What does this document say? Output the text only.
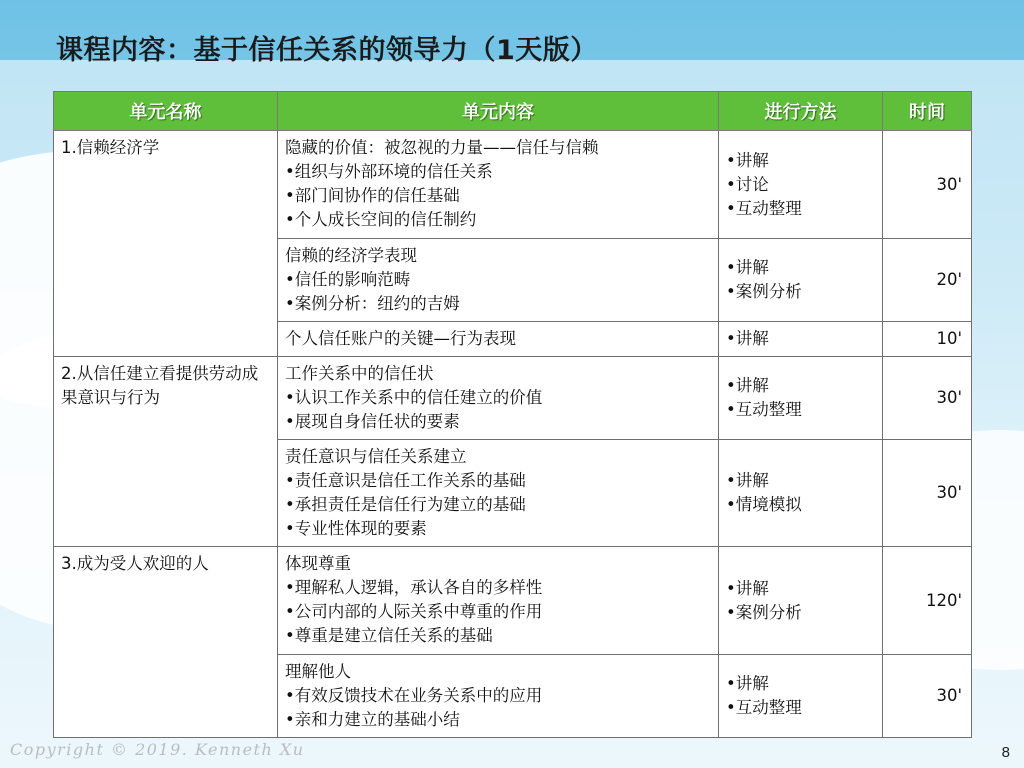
课程内容：基于信任关系的领导力（1天版）
单元名称	单元内容	进行方法	时间

1.信赖经济学	隐藏的价值：被忽视的力量——信任与信赖
•组织与外部环境的信任关系
•部门间协作的信任基础
•个人成长空间的信任制约	•讲解
•讨论
•互动整理	30'

	信赖的经济学表现
•信任的影响范畴
•案例分析：纽约的吉姆	•讲解
•案例分析	20'

	个人信任账户的关键—行为表现	•讲解	10'

2.从信任建立看提供劳动成果意识与行为	工作关系中的信任状
•认识工作关系中的信任建立的价值
•展现自身信任状的要素	•讲解
•互动整理	30'

	责任意识与信任关系建立
•责任意识是信任工作关系的基础
•承担责任是信任行为建立的基础
•专业性体现的要素	•讲解
•情境模拟	30'

3.成为受人欢迎的人	体现尊重
•理解私人逻辑，承认各自的多样性
•公司内部的人际关系中尊重的作用
•尊重是建立信任关系的基础	•讲解
•案例分析	120'

	理解他人
•有效反馈技术在业务关系中的应用
•亲和力建立的基础小结	•讲解
•互动整理	30'
Copyright © 2019. Kenneth Xu	8
